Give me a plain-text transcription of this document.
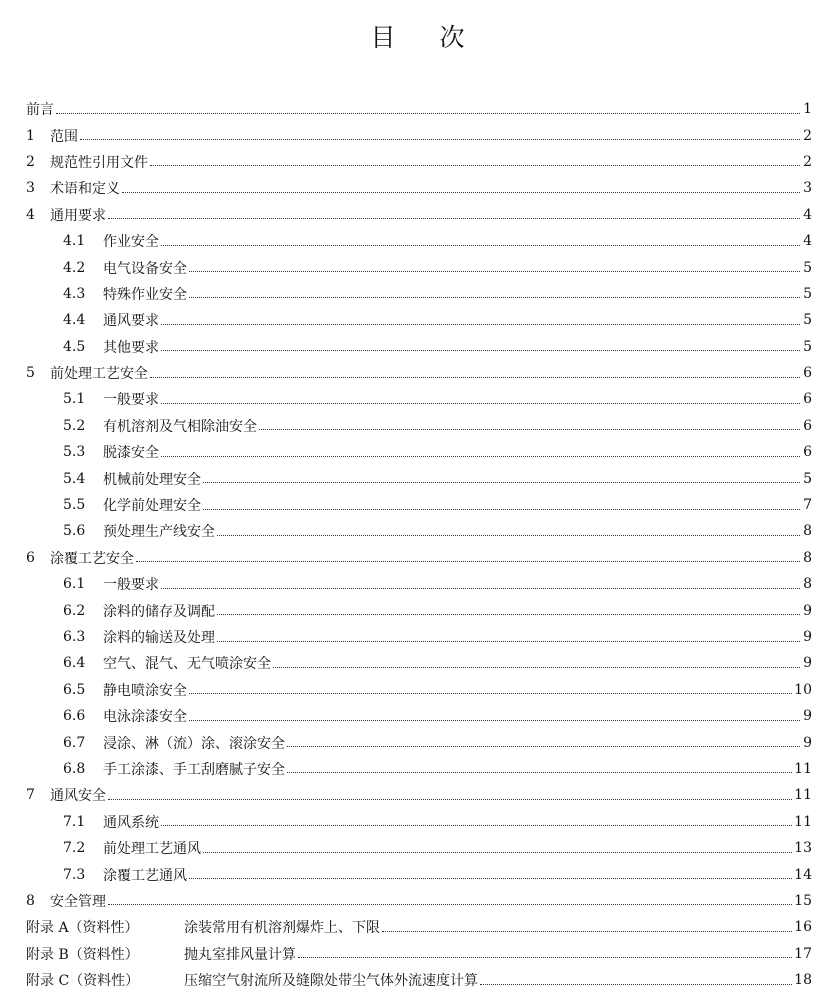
目 次
前言	1
1	范围	2
2	规范性引用文件	2
3	术语和定义	3
4	通用要求	4
4.1	作业安全	4
4.2	电气设备安全	5
4.3	特殊作业安全	5
4.4	通风要求	5
4.5	其他要求	5
5	前处理工艺安全	6
5.1	一般要求	6
5.2	有机溶剂及气相除油安全	6
5.3	脱漆安全	6
5.4	机械前处理安全	5
5.5	化学前处理安全	7
5.6	预处理生产线安全	8
6	涂覆工艺安全	8
6.1	一般要求	8
6.2	涂料的储存及调配	9
6.3	涂料的输送及处理	9
6.4	空气、混气、无气喷涂安全	9
6.5	静电喷涂安全	10
6.6	电泳涂漆安全	9
6.7	浸涂、淋（流）涂、滚涂安全	9
6.8	手工涂漆、手工刮磨腻子安全	11
7	通风安全	11
7.1	通风系统	11
7.2	前处理工艺通风	13
7.3	涂覆工艺通风	14
8	安全管理	15
附录 A（资料性）	涂装常用有机溶剂爆炸上、下限	16
附录 B（资料性）	抛丸室排风量计算	17
附录 C（资料性）	压缩空气射流所及缝隙处带尘气体外流速度计算	18
